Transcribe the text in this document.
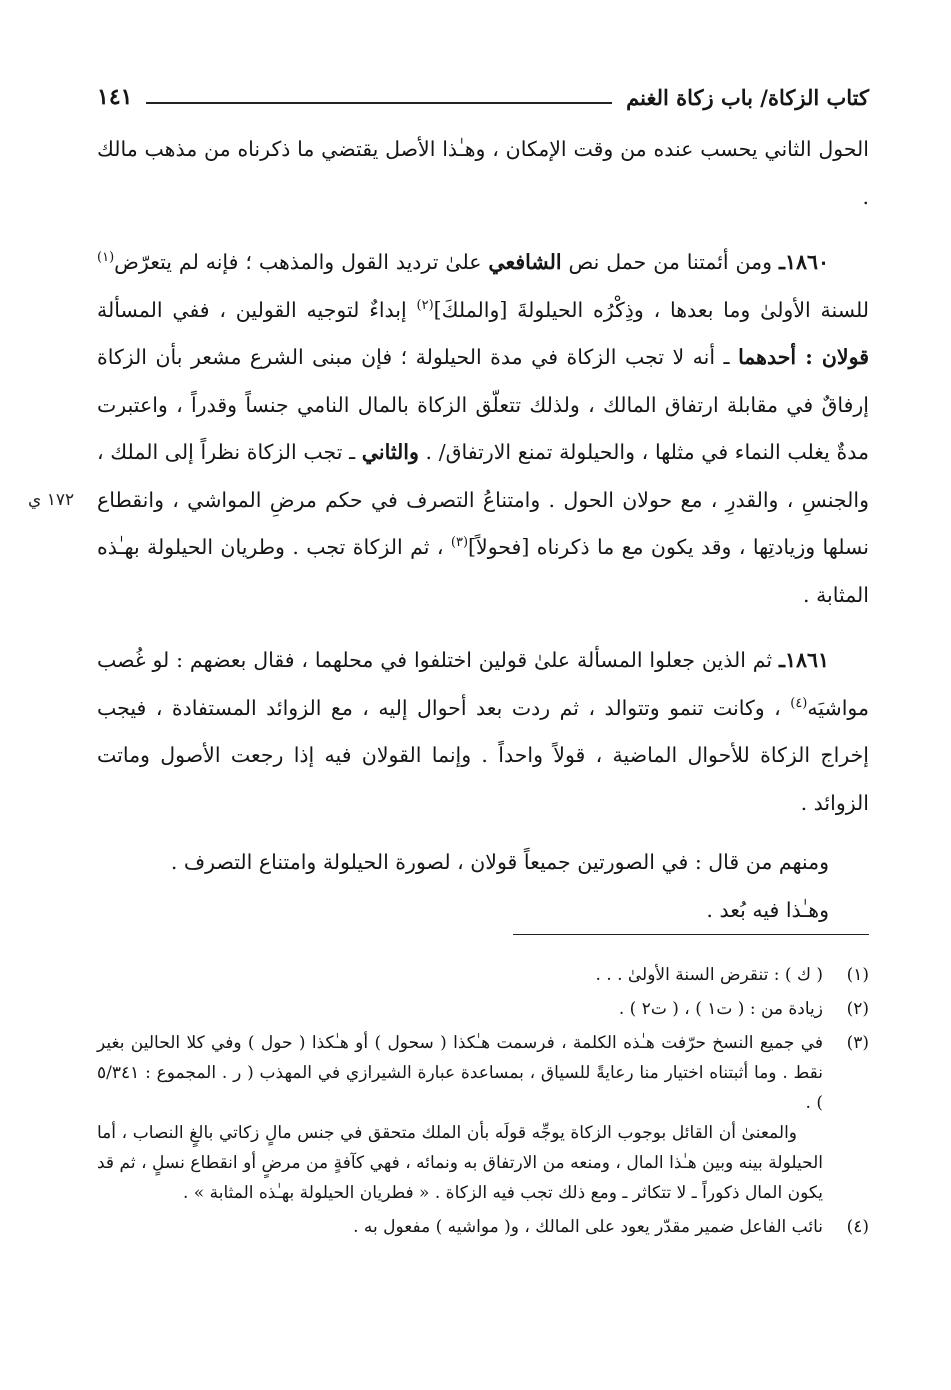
كتاب الزكاة/ باب زكاة الغنم
١٤١
١٧٢ ي

الحول الثاني يحسب عنده من وقت الإمكان ، وهـٰذا الأصل يقتضي ما ذكرناه من مذهب مالك .

١٨٦٠ـ ومن أئمتنا من حمل نص الشافعي علىٰ ترديد القول والمذهب ؛ فإنه لم يتعرّض$^{(١)}$ للسنة الأولىٰ وما بعدها ، وذِكْرُه الحيلولةَ [والملكَ]$^{(٢)}$ إبداءٌ لتوجيه القولين ، ففي المسألة قولان : أحدهما ـ أنه لا تجب الزكاة في مدة الحيلولة ؛ فإن مبنى الشرع مشعر بأن الزكاة إرفاقٌ في مقابلة ارتفاق المالك ، ولذلك تتعلّق الزكاة بالمال النامي جنساً وقدراً ، واعتبرت مدةٌ يغلب النماء في مثلها ، والحيلولة تمنع الارتفاق/ . والثاني ـ تجب الزكاة نظراً إلى الملك ، والجنسِ ، والقدرِ ، مع حولان الحول . وامتناعُ التصرف في حكم مرضِ المواشي ، وانقطاع نسلها وزيادتِها ، وقد يكون مع ما ذكرناه [فحولاً]$^{(٣)}$ ، ثم الزكاة تجب . وطريان الحيلولة بهـٰذه المثابة .

١٨٦١ـ ثم الذين جعلوا المسألة علىٰ قولين اختلفوا في محلهما ، فقال بعضهم : لو غُصب مواشيَه$^{(٤)}$ ، وكانت تنمو وتتوالد ، ثم ردت بعد أحوال إليه ، مع الزوائد المستفادة ، فيجب إخراج الزكاة للأحوال الماضية ، قولاً واحداً . وإنما القولان فيه إذا رجعت الأصول وماتت الزوائد .

ومنهم من قال : في الصورتين جميعاً قولان ، لصورة الحيلولة وامتناع التصرف .

وهـٰذا فيه بُعد .

(١)
( ك ) : تنقرض السنة الأولىٰ . . .
(٢)
زيادة من : ( ت١ ) ، ( ت٢ ) .
(٣)
في جميع النسخ حرّفت هـٰذه الكلمة ، فرسمت هـٰكذا ( سحول ) أو هـٰكذا ( حول ) وفي كلا الحالين بغير نقط . وما أثبتناه اختيار منا رعايةً للسياق ، بمساعدة عبارة الشيرازي في المهذب ( ر . المجموع : ٥/٣٤١ ) .
والمعنىٰ أن القائل بوجوب الزكاة يوجِّه قولَه بأن الملك متحقق في جنس مالٍ زكاتي بالغٍ النصاب ، أما الحيلولة بينه وبين هـٰذا المال ، ومنعه من الارتفاق به ونمائه ، فهي كآفةٍ من مرضٍ أو انقطاع نسلٍ ، ثم قد يكون المال ذكوراً ـ لا تتكاثر ـ ومع ذلك تجب فيه الزكاة . « فطريان الحيلولة بهـٰذه المثابة » .
(٤)
نائب الفاعل ضمير مقدّر يعود على المالك ، و( مواشيه ) مفعول به .
